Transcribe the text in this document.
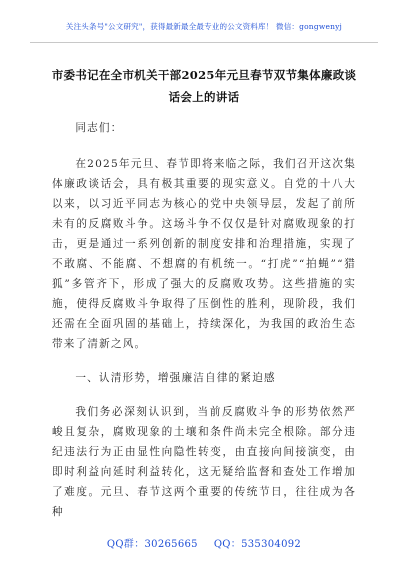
关注头条号"公文研究"，获得最新最全最专业的公文资料库！ 微信：gongwenyj
市委书记在全市机关干部2025年元旦春节双节集体廉政谈
话会上的讲话

同志们：

在2025年元旦、春节即将来临之际，我们召开这次集体廉政谈话会，具有极其重要的现实意义。自党的十八大以来，以习近平同志为核心的党中央领导层，发起了前所未有的反腐败斗争。这场斗争不仅仅是针对腐败现象的打击，更是通过一系列创新的制度安排和治理措施，实现了不敢腐、不能腐、不想腐的有机统一。“打虎”“拍蝇”“猎狐”多管齐下，形成了强大的反腐败攻势。这些措施的实施，使得反腐败斗争取得了压倒性的胜利，现阶段，我们还需在全面巩固的基础上，持续深化，为我国的政治生态带来了清新之风。

一、认清形势，增强廉洁自律的紧迫感

我们务必深刻认识到，当前反腐败斗争的形势依然严峻且复杂，腐败现象的土壤和条件尚未完全根除。部分违纪违法行为正由显性向隐性转变，由直接向间接演变，由即时利益向延时利益转化，这无疑给监督和查处工作增加了难度。元旦、春节这两个重要的传统节日，往往成为各种

QQ群：30265665 QQ：535304092
